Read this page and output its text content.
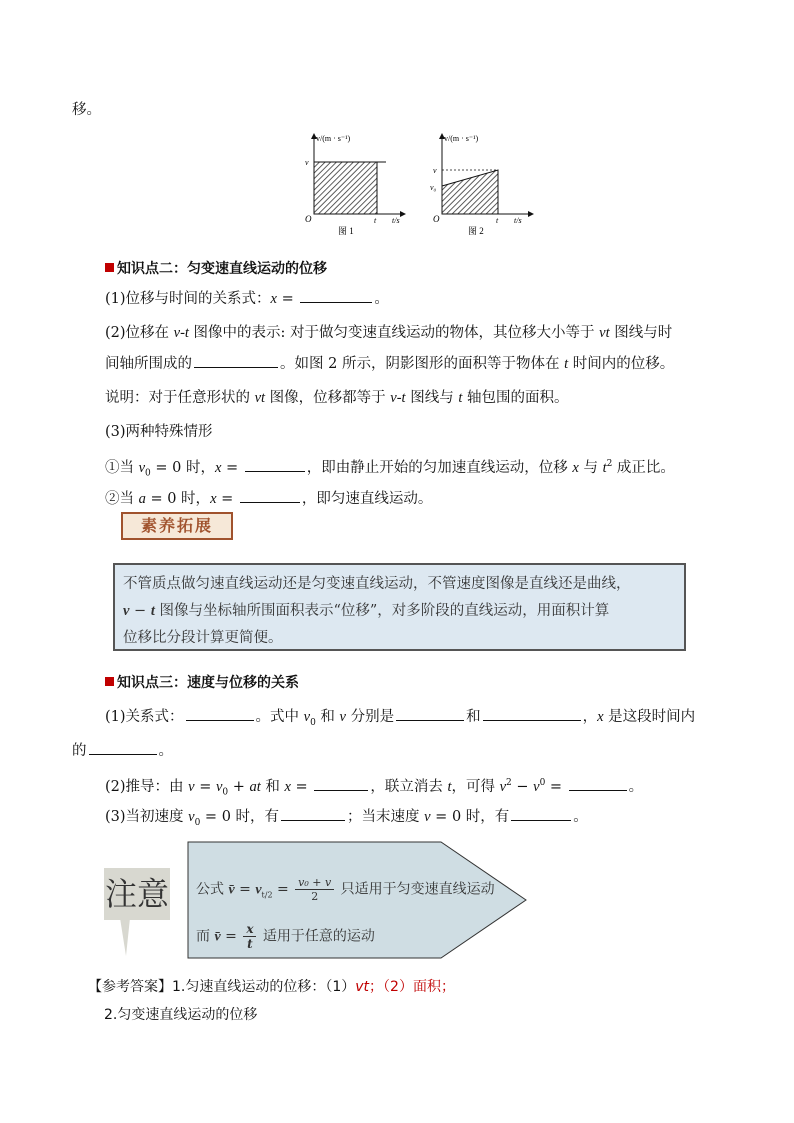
移。
v/(m · s⁻¹)
v
O	t t/s
图 1
v/(m · s⁻¹)
v
v₀
O	t t/s
图 2
知识点二：匀变速直线运动的位移
(1)位移与时间的关系式：x =	。
(2)位移在 v-t 图像中的表示: 对于做匀变速直线运动的物体，其位移大小等于 vt 图线与时
间轴所围成的	。如图 2 所示，阴影图形的面积等于物体在 t 时间内的位移。
说明：对于任意形状的 vt 图像，位移都等于 v-t 图线与 t 轴包围的面积。
(3)两种特殊情形
①当 $v_0 = 0$ 时，x =	，即由静止开始的匀加速直线运动，位移 x 与 $t^2$ 成正比。
②当 a = 0 时，x =	，即匀速直线运动。
素养拓展
不管质点做匀速直线运动还是匀变速直线运动，不管速度图像是直线还是曲线，
v − t 图像与坐标轴所围面积表示“位移”，对多阶段的直线运动，用面积计算
位移比分段计算更简便。
知识点三：速度与位移的关系
(1)关系式：	。式中 $v_0$ 和 v 分别是	和	，x 是这段时间内
的	。
(2)推导：由 $v = v_0$ + at 和 x =	，联立消去 t，可得 $v^2 - v^0$ =	。
(3)当初速度 $v_0 = 0$ 时，有	；当末速度 v = 0 时，有	。
注意 公式 v̄ = $v_{t/2} = \frac{\text{v₀ + v}}{2}$ 只适用于匀变速直线运动
而 v̄ = $\frac{x}{t}$ 适用于任意的运动
【参考答案】1.匀速直线运动的位移：（1）vt；（2）面积；
2.匀变速直线运动的位移
